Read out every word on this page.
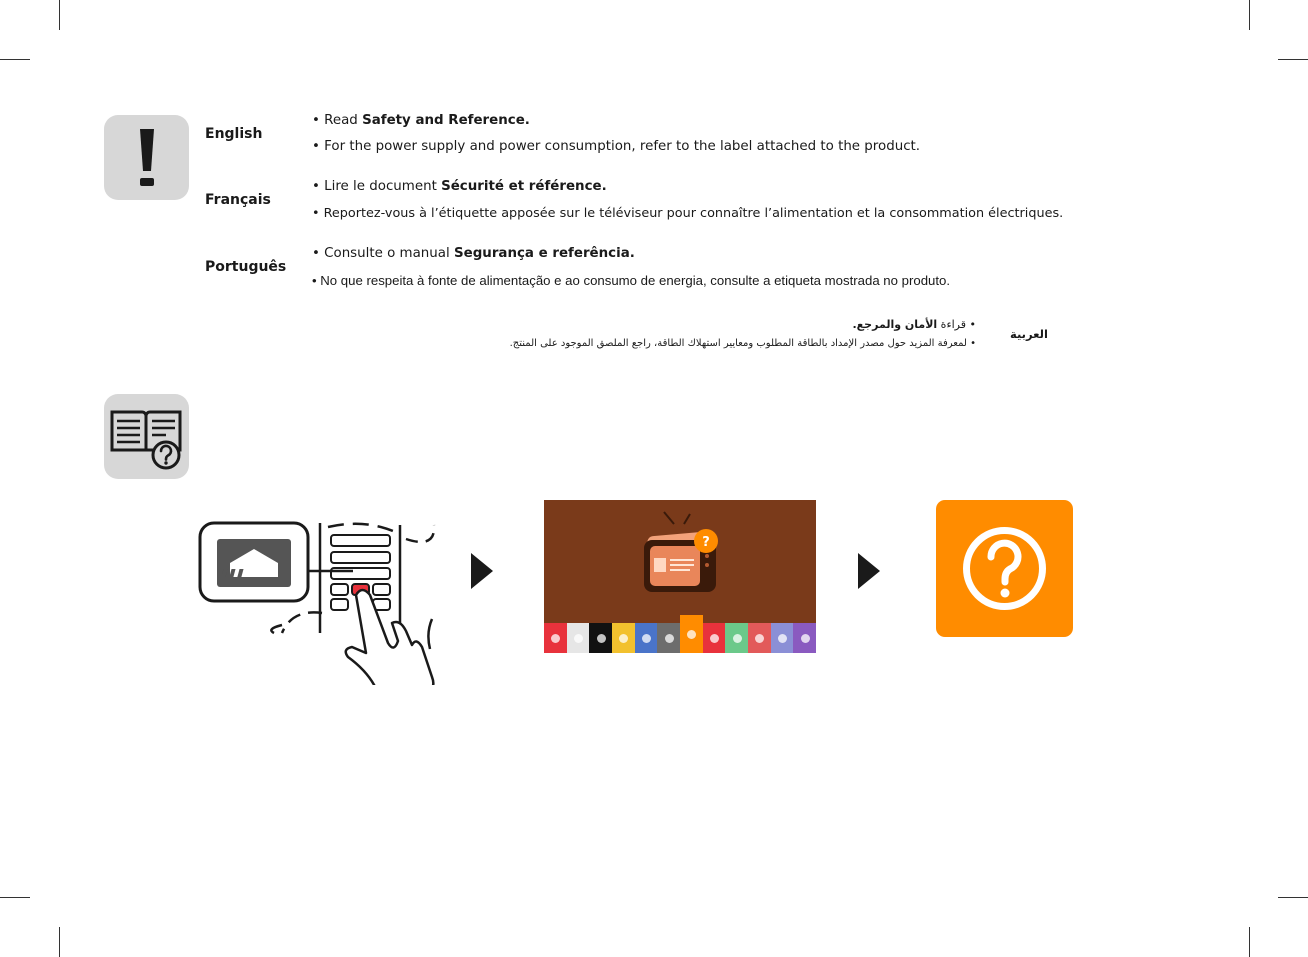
English
• Read Safety and Reference.
• For the power supply and power consumption, refer to the label attached to the product.
Français
• Lire le document Sécurité et référence.
• Reportez-vous à l’étiquette apposée sur le téléviseur pour connaître l’alimentation et la consommation électriques.
Português
• Consulte o manual Segurança e referência.
• No que respeita à fonte de alimentação e ao consumo de energia, consulte a etiqueta mostrada no produto.
العربية
• قراءة الأمان والمرجع.
• لمعرفة المزيد حول مصدر الإمداد بالطاقة المطلوب ومعايير استهلاك الطاقة، راجع الملصق الموجود على المنتج.
?
